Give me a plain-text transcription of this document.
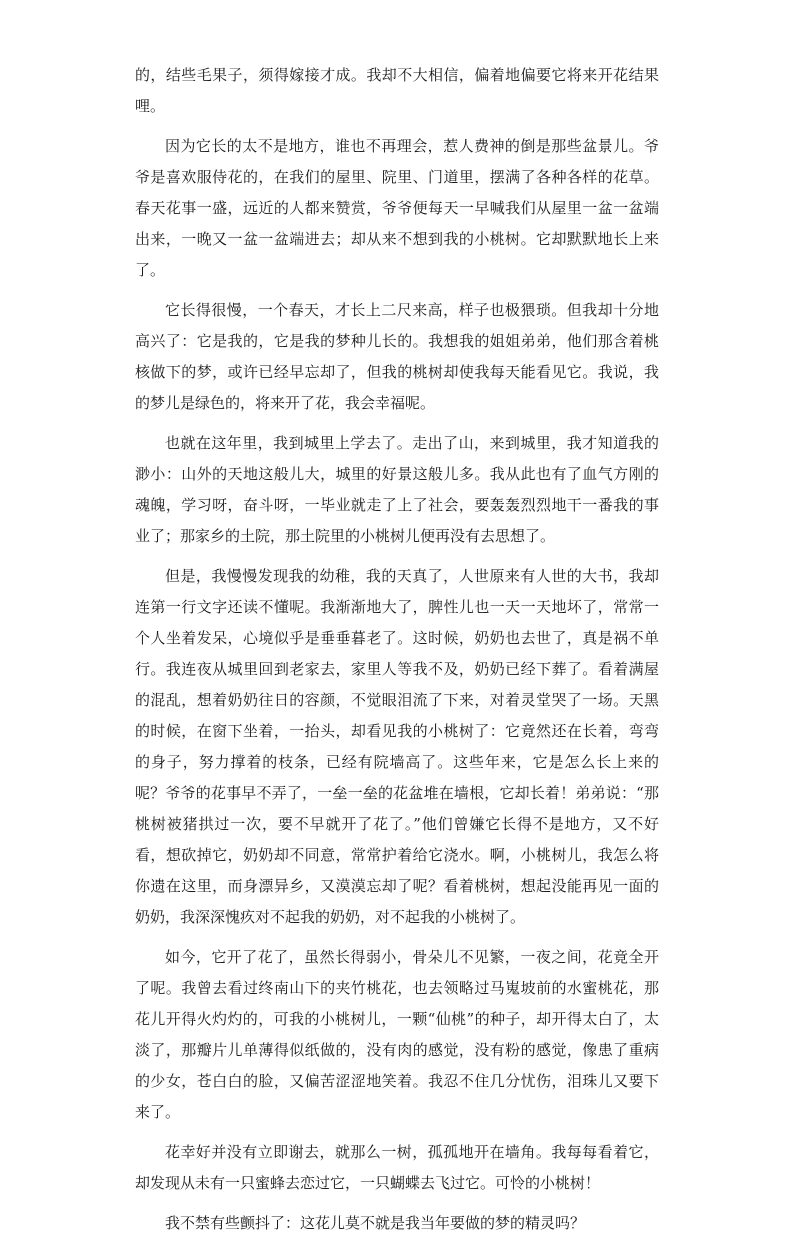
的，结些毛果子，须得嫁接才成。我却不大相信，偏着地偏要它将来开花结果哩。

因为它长的太不是地方，谁也不再理会，惹人费神的倒是那些盆景儿。爷爷是喜欢服侍花的，在我们的屋里、院里、门道里，摆满了各种各样的花草。春天花事一盛，远近的人都来赞赏，爷爷便每天一早喊我们从屋里一盆一盆端出来，一晚又一盆一盆端进去；却从来不想到我的小桃树。它却默默地长上来了。

它长得很慢，一个春天，才长上二尺来高，样子也极猥琐。但我却十分地高兴了：它是我的，它是我的梦种儿长的。我想我的姐姐弟弟，他们那含着桃核做下的梦，或许已经早忘却了，但我的桃树却使我每天能看见它。我说，我的梦儿是绿色的，将来开了花，我会幸福呢。

也就在这年里，我到城里上学去了。走出了山，来到城里，我才知道我的渺小：山外的天地这般儿大，城里的好景这般儿多。我从此也有了血气方刚的魂魄，学习呀，奋斗呀，一毕业就走了上了社会，要轰轰烈烈地干一番我的事业了；那家乡的土院，那土院里的小桃树儿便再没有去思想了。

但是，我慢慢发现我的幼稚，我的天真了，人世原来有人世的大书，我却连第一行文字还读不懂呢。我渐渐地大了，脾性儿也一天一天地坏了，常常一个人坐着发呆，心境似乎是垂垂暮老了。这时候，奶奶也去世了，真是祸不单行。我连夜从城里回到老家去，家里人等我不及，奶奶已经下葬了。看着满屋的混乱，想着奶奶往日的容颜，不觉眼泪流了下来，对着灵堂哭了一场。天黑的时候，在窗下坐着，一抬头，却看见我的小桃树了：它竟然还在长着，弯弯的身子，努力撑着的枝条，已经有院墙高了。这些年来，它是怎么长上来的呢？爷爷的花事早不弄了，一垒一垒的花盆堆在墙根，它却长着！弟弟说：“那桃树被猪拱过一次，要不早就开了花了。”他们曾嫌它长得不是地方，又不好看，想砍掉它，奶奶却不同意，常常护着给它浇水。啊，小桃树儿，我怎么将你遗在这里，而身漂异乡，又漠漠忘却了呢？看着桃树，想起没能再见一面的奶奶，我深深愧疚对不起我的奶奶，对不起我的小桃树了。

如今，它开了花了，虽然长得弱小，骨朵儿不见繁，一夜之间，花竟全开了呢。我曾去看过终南山下的夹竹桃花，也去领略过马嵬坡前的水蜜桃花，那花儿开得火灼灼的，可我的小桃树儿，一颗“仙桃”的种子，却开得太白了，太淡了，那瓣片儿单薄得似纸做的，没有肉的感觉，没有粉的感觉，像患了重病的少女，苍白白的脸，又偏苦涩涩地笑着。我忍不住几分忧伤，泪珠儿又要下来了。

花幸好并没有立即谢去，就那么一树，孤孤地开在墙角。我每每看着它，却发现从未有一只蜜蜂去恋过它，一只蝴蝶去飞过它。可怜的小桃树！

我不禁有些颤抖了：这花儿莫不就是我当年要做的梦的精灵吗？
